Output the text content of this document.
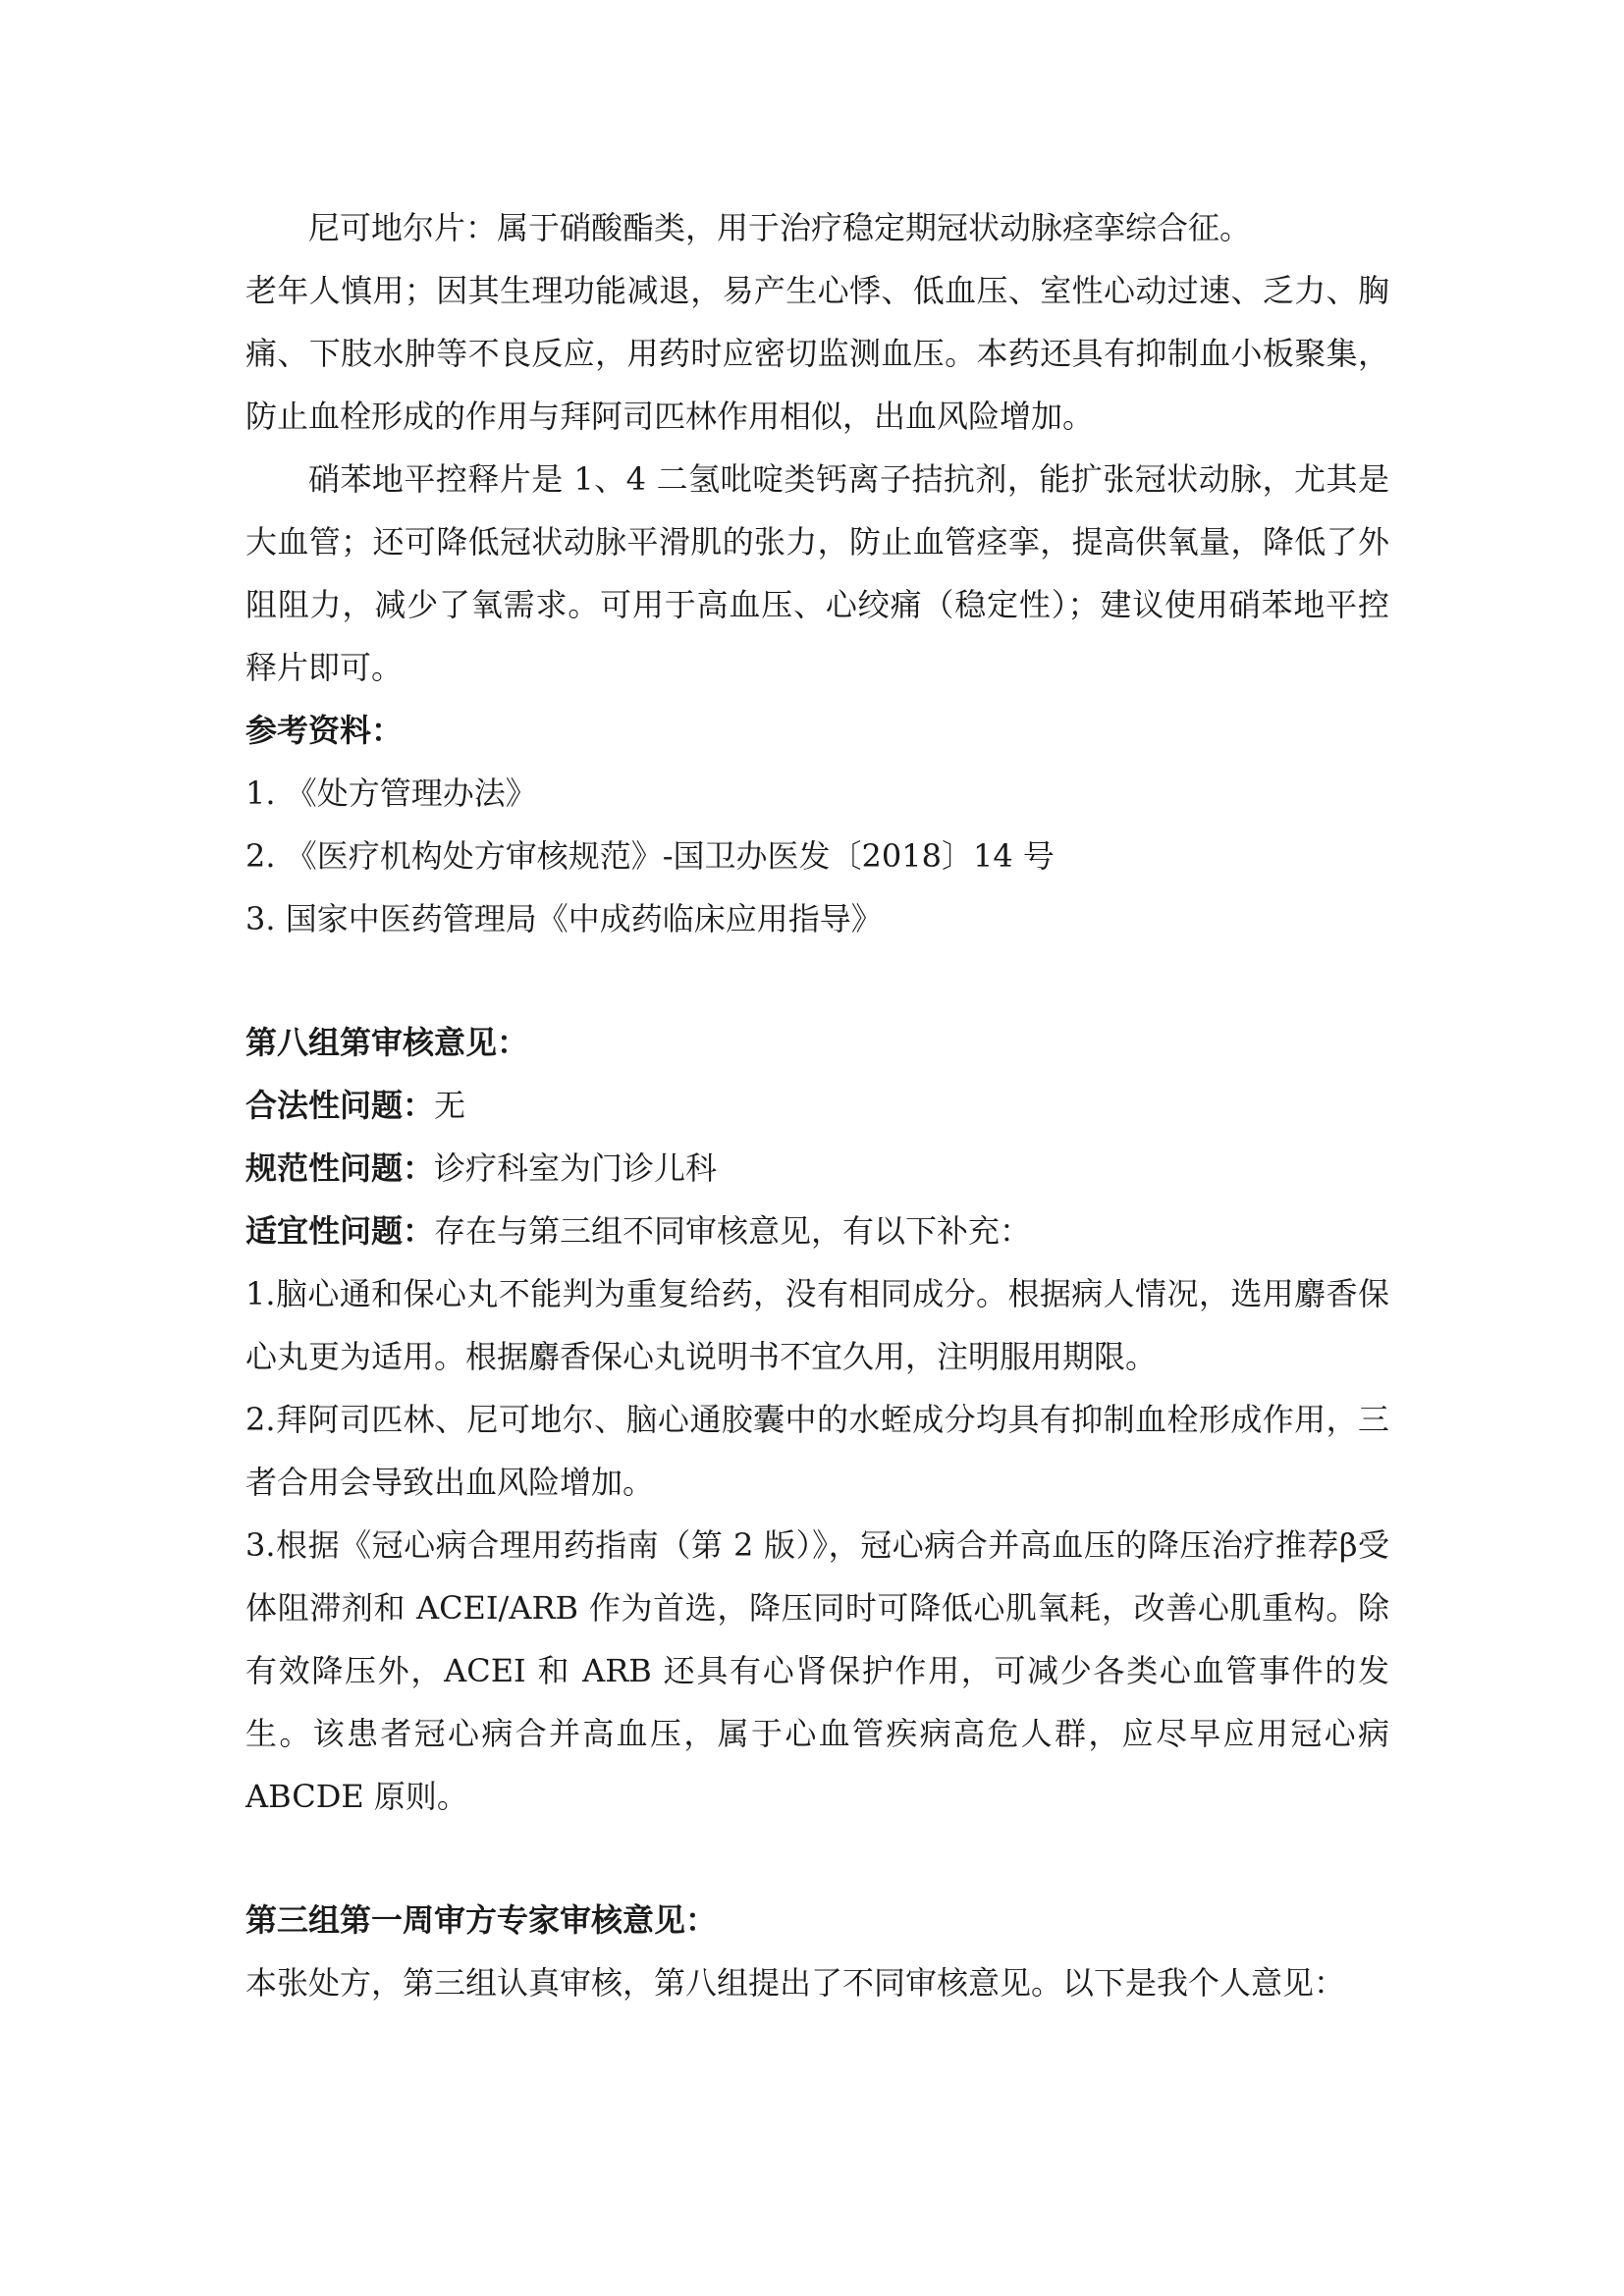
尼可地尔片：属于硝酸酯类，用于治疗稳定期冠状动脉痉挛综合征。

老年人慎用；因其生理功能减退，易产生心悸、低血压、室性心动过速、乏力、胸痛、下肢水肿等不良反应，用药时应密切监测血压。本药还具有抑制血小板聚集，防止血栓形成的作用与拜阿司匹林作用相似，出血风险增加。

硝苯地平控释片是 1、4 二氢吡啶类钙离子拮抗剂，能扩张冠状动脉，尤其是大血管；还可降低冠状动脉平滑肌的张力，防止血管痉挛，提高供氧量，降低了外阻阻力，减少了氧需求。可用于高血压、心绞痛（稳定性）；建议使用硝苯地平控释片即可。

参考资料：

1. 《处方管理办法》

2. 《医疗机构处方审核规范》-国卫办医发〔2018〕14 号

3. 国家中医药管理局《中成药临床应用指导》

第八组第审核意见：

合法性问题：无

规范性问题：诊疗科室为门诊儿科

适宜性问题：存在与第三组不同审核意见，有以下补充：

1.脑心通和保心丸不能判为重复给药，没有相同成分。根据病人情况，选用麝香保心丸更为适用。根据麝香保心丸说明书不宜久用，注明服用期限。

2.拜阿司匹林、尼可地尔、脑心通胶囊中的水蛭成分均具有抑制血栓形成作用，三者合用会导致出血风险增加。

3.根据《冠心病合理用药指南（第 2 版）》，冠心病合并高血压的降压治疗推荐β受体阻滞剂和 ACEI/ARB 作为首选，降压同时可降低心肌氧耗，改善心肌重构。除有效降压外，ACEI 和 ARB 还具有心肾保护作用，可减少各类心血管事件的发生。该患者冠心病合并高血压，属于心血管疾病高危人群，应尽早应用冠心病 ABCDE 原则。

第三组第一周审方专家审核意见：

本张处方，第三组认真审核，第八组提出了不同审核意见。以下是我个人意见：
